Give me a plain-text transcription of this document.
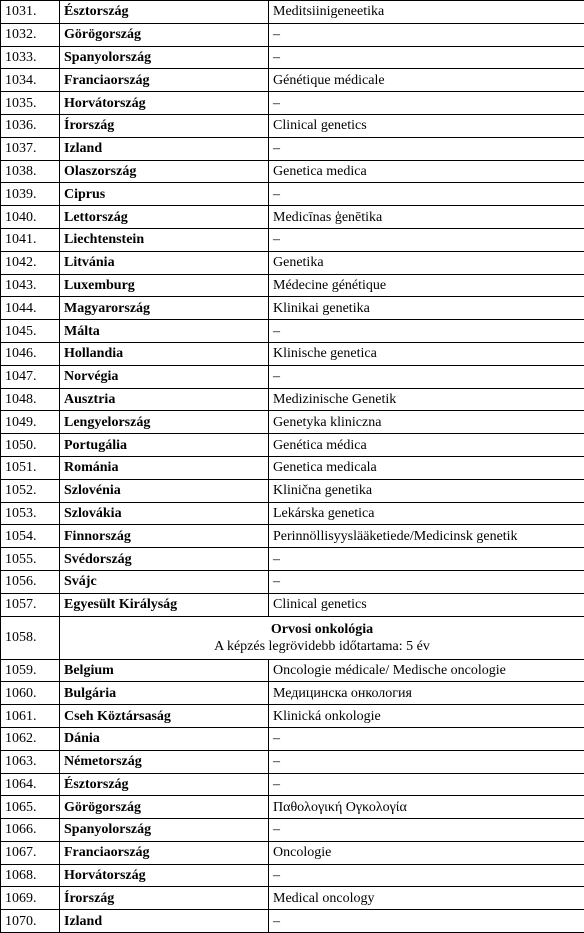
1031.	Észtország	Meditsiinigeneetika
1032.	Görögország	–
1033.	Spanyolország	–
1034.	Franciaország	Génétique médicale
1035.	Horvátország	–
1036.	Írország	Clinical genetics
1037.	Izland	–
1038.	Olaszország	Genetica medica
1039.	Ciprus	–
1040.	Lettország	Medicīnas ģenētika
1041.	Liechtenstein	–
1042.	Litvánia	Genetika
1043.	Luxemburg	Médecine génétique
1044.	Magyarország	Klinikai genetika
1045.	Málta	–
1046.	Hollandia	Klinische genetica
1047.	Norvégia	–
1048.	Ausztria	Medizinische Genetik
1049.	Lengyelország	Genetyka kliniczna
1050.	Portugália	Genética médica
1051.	Románia	Genetica medicala
1052.	Szlovénia	Klinična genetika
1053.	Szlovákia	Lekárska genetica
1054.	Finnország	Perinnöllisyyslääketiede/Medicinsk genetik
1055.	Svédország	–
1056.	Svájc	–
1057.	Egyesült Királyság	Clinical genetics
1058.	Orvosi onkológia
A képzés legrövidebb időtartama: 5 év	

1059.	Belgium	Oncologie médicale/ Medische oncologie
1060.	Bulgária	Медицинска онкология
1061.	Cseh Köztársaság	Klinická onkologie
1062.	Dánia	–
1063.	Németország	–
1064.	Észtország	–
1065.	Görögország	Παθολογική Ογκολογία
1066.	Spanyolország	–
1067.	Franciaország	Oncologie
1068.	Horvátország	–
1069.	Írország	Medical oncology
1070.	Izland	–
